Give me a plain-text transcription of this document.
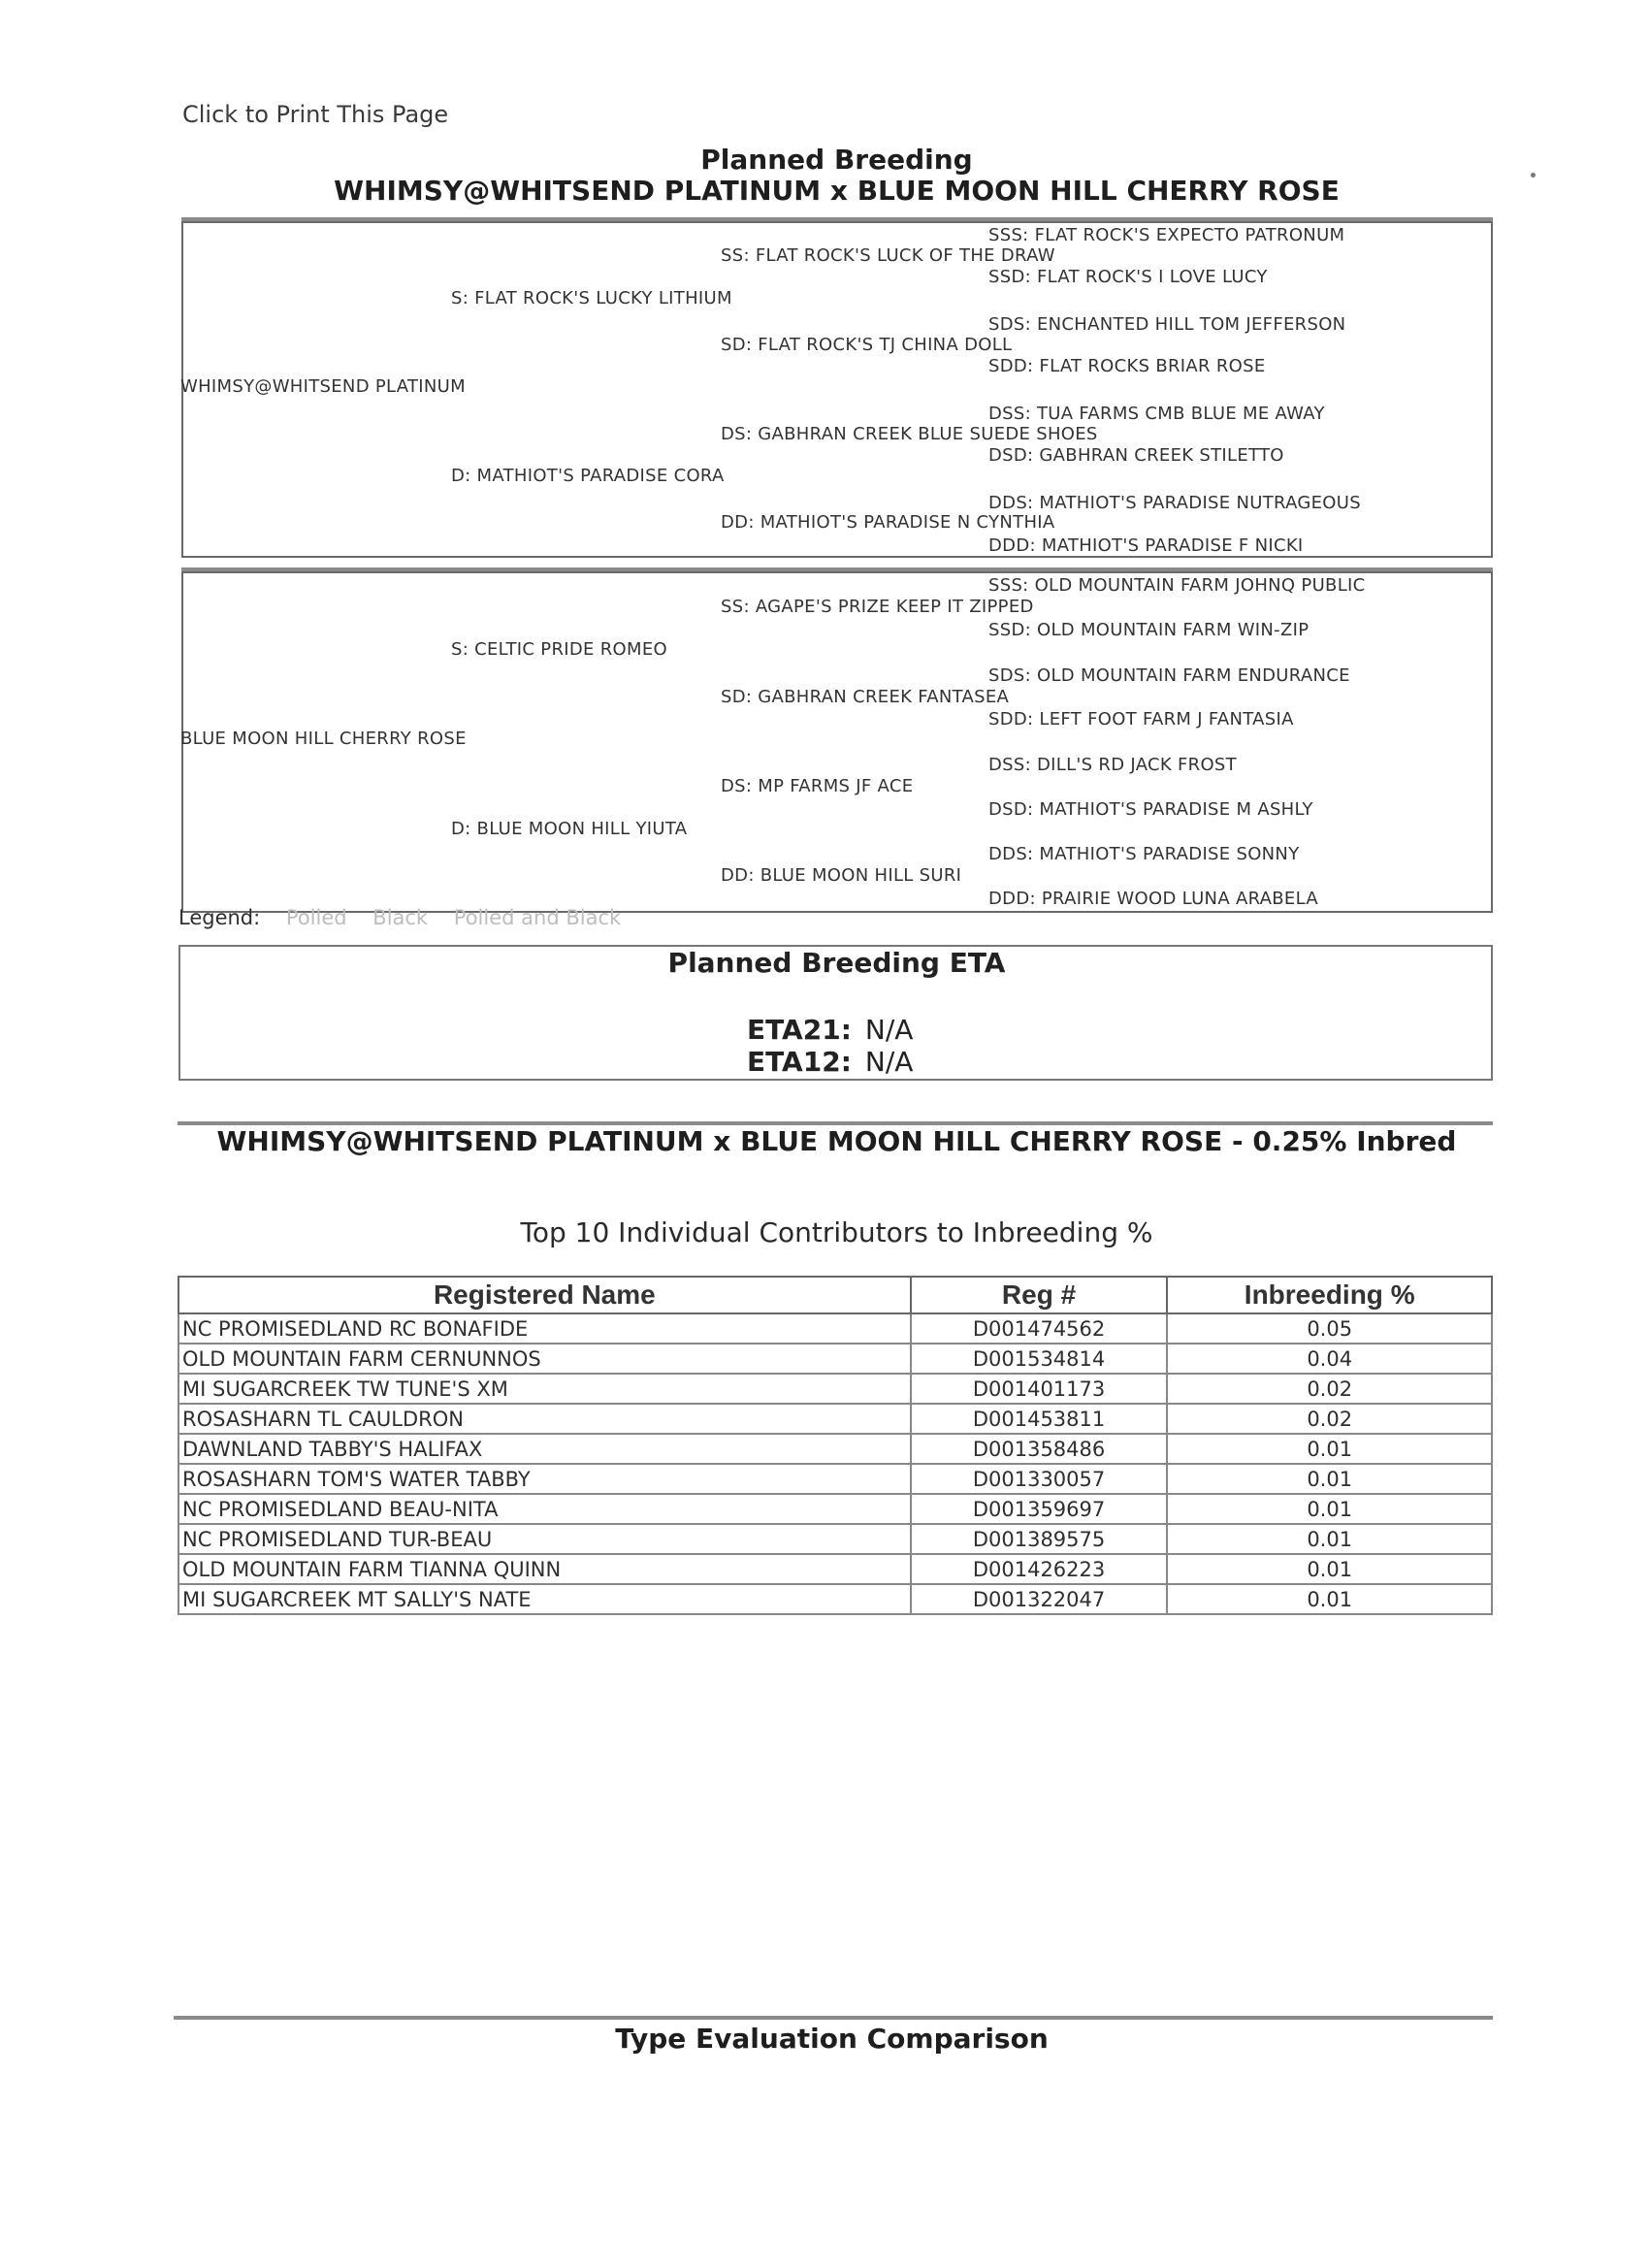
Click to Print This Page
Planned Breeding
WHIMSY@WHITSEND PLATINUM x BLUE MOON HILL CHERRY ROSE
WHIMSY@WHITSEND PLATINUM
S: FLAT ROCK'S LUCKY LITHIUM
D: MATHIOT'S PARADISE CORA
SS: FLAT ROCK'S LUCK OF THE DRAW
SD: FLAT ROCK'S TJ CHINA DOLL
DS: GABHRAN CREEK BLUE SUEDE SHOES
DD: MATHIOT'S PARADISE N CYNTHIA
SSS: FLAT ROCK'S EXPECTO PATRONUM
SSD: FLAT ROCK'S I LOVE LUCY
SDS: ENCHANTED HILL TOM JEFFERSON
SDD: FLAT ROCKS BRIAR ROSE
DSS: TUA FARMS CMB BLUE ME AWAY
DSD: GABHRAN CREEK STILETTO
DDS: MATHIOT'S PARADISE NUTRAGEOUS
DDD: MATHIOT'S PARADISE F NICKI
BLUE MOON HILL CHERRY ROSE
S: CELTIC PRIDE ROMEO
D: BLUE MOON HILL YIUTA
SS: AGAPE'S PRIZE KEEP IT ZIPPED
SD: GABHRAN CREEK FANTASEA
DS: MP FARMS JF ACE
DD: BLUE MOON HILL SURI
SSS: OLD MOUNTAIN FARM JOHNQ PUBLIC
SSD: OLD MOUNTAIN FARM WIN-ZIP
SDS: OLD MOUNTAIN FARM ENDURANCE
SDD: LEFT FOOT FARM J FANTASIA
DSS: DILL'S RD JACK FROST
DSD: MATHIOT'S PARADISE M ASHLY
DDS: MATHIOT'S PARADISE SONNY
DDD: PRAIRIE WOOD LUNA ARABELA
Legend: Polled Black Polled and Black
Planned Breeding ETA
ETA21: N/A
ETA12: N/A
WHIMSY@WHITSEND PLATINUM x BLUE MOON HILL CHERRY ROSE - 0.25% Inbred
Top 10 Individual Contributors to Inbreeding %
Registered Name	Reg #	Inbreeding %
NC PROMISEDLAND RC BONAFIDE	D001474562	0.05
OLD MOUNTAIN FARM CERNUNNOS	D001534814	0.04
MI SUGARCREEK TW TUNE'S XM	D001401173	0.02
ROSASHARN TL CAULDRON	D001453811	0.02
DAWNLAND TABBY'S HALIFAX	D001358486	0.01
ROSASHARN TOM'S WATER TABBY	D001330057	0.01
NC PROMISEDLAND BEAU-NITA	D001359697	0.01
NC PROMISEDLAND TUR-BEAU	D001389575	0.01
OLD MOUNTAIN FARM TIANNA QUINN	D001426223	0.01
MI SUGARCREEK MT SALLY'S NATE	D001322047	0.01
Type Evaluation Comparison
